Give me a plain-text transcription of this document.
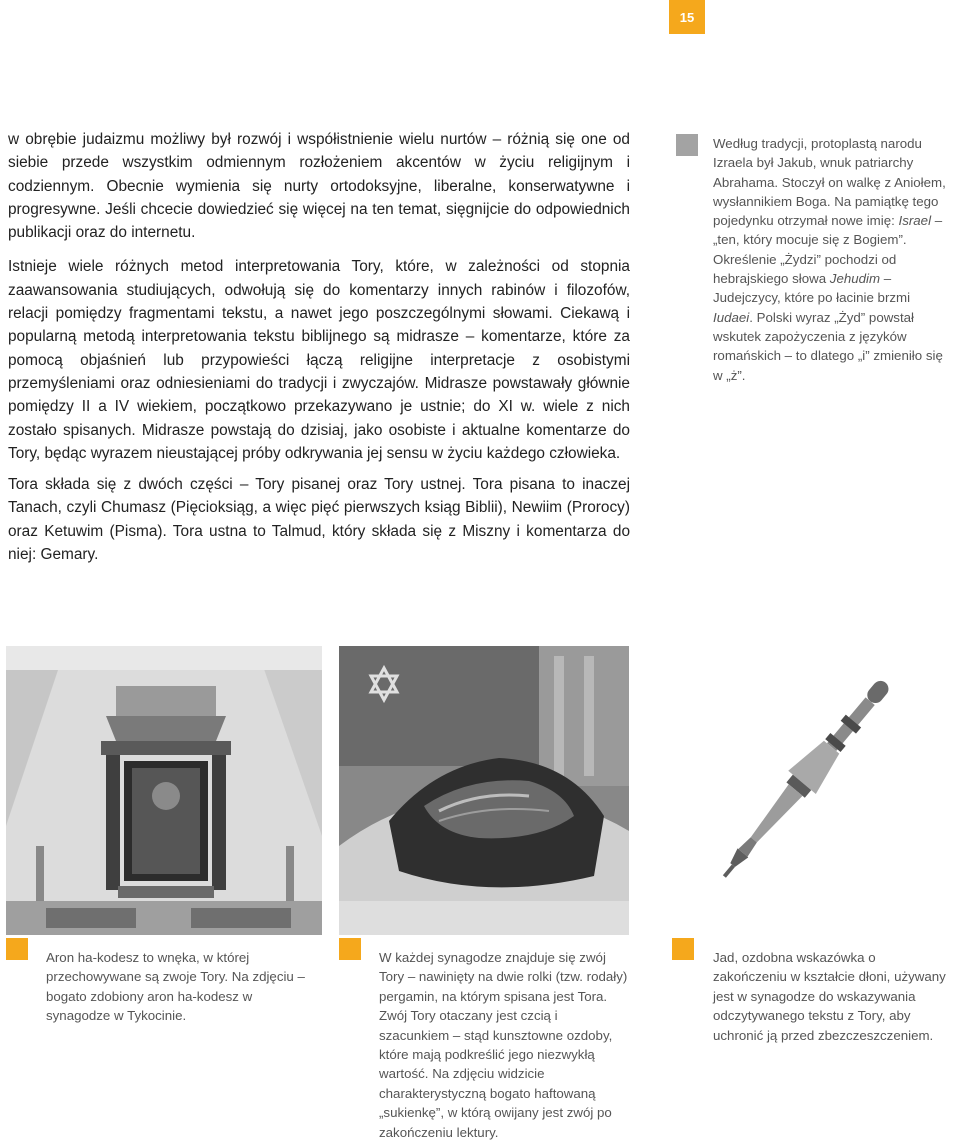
15

w obrębie judaizmu możliwy był rozwój i współistnienie wielu nurtów – różnią się one od siebie przede wszystkim odmiennym rozłożeniem akcentów w życiu religijnym i codziennym. Obecnie wymienia się nurty ortodoksyjne, liberalne, konserwatywne i progresywne. Jeśli chcecie dowiedzieć się więcej na ten temat, sięgnijcie do odpowiednich publikacji oraz do internetu.

Istnieje wiele różnych metod interpretowania Tory, które, w zależności od stopnia zaawansowania studiujących, odwołują się do komentarzy innych rabinów i filozofów, relacji pomiędzy fragmentami tekstu, a nawet jego poszczególnymi słowami. Ciekawą i popularną metodą interpretowania tekstu biblijnego są midrasze – komentarze, które za pomocą objaśnień lub przypowieści łączą religijne interpretacje z osobistymi przemyśleniami oraz odniesieniami do tradycji i zwyczajów. Midrasze powstawały głównie pomiędzy II a IV wiekiem, początkowo przekazywano je ustnie; do XI w. wiele z nich zostało spisanych. Midrasze powstają do dzisiaj, jako osobiste i aktualne komentarze do Tory, będąc wyrazem nieustającej próby odkrywania jej sensu w życiu każdego człowieka.

Tora składa się z dwóch części – Tory pisanej oraz Tory ustnej. Tora pisana to inaczej Tanach, czyli Chumasz (Pięcioksiąg, a więc pięć pierwszych ksiąg Biblii), Newiim (Prorocy) oraz Ketuwim (Pisma). Tora ustna to Talmud, który składa się z Miszny i komentarza do niej: Gemary.

Według tradycji, protoplastą narodu Izraela był Jakub, wnuk patriarchy Abrahama. Stoczył on walkę z Aniołem, wysłannikiem Boga. Na pamiątkę tego pojedynku otrzymał nowe imię: Israel – „ten, który mocuje się z Bogiem”. Określenie „Żydzi” pochodzi od hebrajskiego słowa Jehudim – Judejczycy, które po łacinie brzmi Iudaei. Polski wyraz „Żyd” powstał wskutek zapożyczenia z języków romańskich – to dlatego „i” zmieniło się w „ż”.
Aron ha-kodesz to wnęka, w której przechowywane są zwoje Tory. Na zdjęciu – bogato zdobiony aron ha-kodesz w synagodze w Tykocinie.
W każdej synagodze znajduje się zwój Tory – nawinięty na dwie rolki (tzw. rodały) pergamin, na którym spisana jest Tora. Zwój Tory otaczany jest czcią i szacunkiem – stąd kunsztowne ozdoby, które mają podkreślić jego niezwykłą wartość. Na zdjęciu widzicie charakterystyczną bogato haftowaną „sukienkę”, w którą owijany jest zwój po zakończeniu lektury.
Jad, ozdobna wskazówka o zakończeniu w kształcie dłoni, używany jest w synagodze do wskazywania odczytywanego tekstu z Tory, aby uchronić ją przed zbezczeszczeniem.
